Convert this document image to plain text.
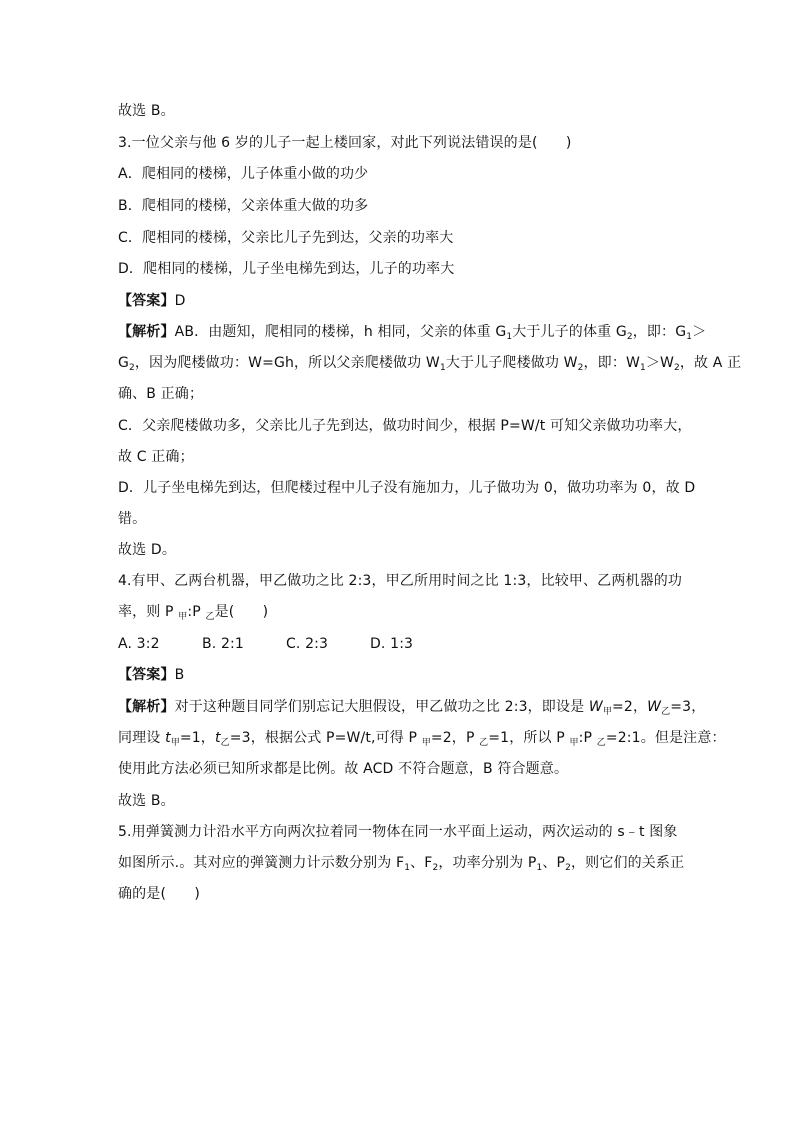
故选 B。
3.一位父亲与他 6 岁的儿子一起上楼回家，对此下列说法错误的是(　　)
A．爬相同的楼梯，儿子体重小做的功少
B．爬相同的楼梯，父亲体重大做的功多
C．爬相同的楼梯，父亲比儿子先到达，父亲的功率大
D．爬相同的楼梯，儿子坐电梯先到达，儿子的功率大
【答案】D
【解析】AB．由题知，爬相同的楼梯，h 相同，父亲的体重 $G_1$大于儿子的体重 $G_2$，即：$G_1>$
$G_2$，因为爬楼做功：W=Gh，所以父亲爬楼做功 $W_1$大于儿子爬楼做功 $W_2$，即：$W_1>W_2$，故 A 正
确、B 正确；
C．父亲爬楼做功多，父亲比儿子先到达，做功时间少，根据 P=W/t 可知父亲做功功率大，
故 C 正确；
D．儿子坐电梯先到达，但爬楼过程中儿子没有施加力，儿子做功为 0，做功功率为 0，故 D
错。
故选 D。
4.有甲、乙两台机器，甲乙做功之比 2:3，甲乙所用时间之比 1:3，比较甲、乙两机器的功
率，则 P $_甲$:P $_乙$是(　　)
A. 3:2	B. 2:1	C. 2:3	D. 1:3
【答案】B
【解析】对于这种题目同学们别忘记大胆假设，甲乙做功之比 2:3，即设是 $W_甲=2$，$W_乙=3$，
同理设 $t_甲=1$，$t_乙=3$，根据公式 P=W/t,可得 P $_甲$=2，P $_乙$=1，所以 P $_甲$:P $_乙$=2:1。但是注意：
使用此方法必须已知所求都是比例。故 ACD 不符合题意，B 符合题意。
故选 B。
5.用弹簧测力计沿水平方向两次拉着同一物体在同一水平面上运动，两次运动的 s﹣t 图象
如图所示.。其对应的弹簧测力计示数分别为 $F_1$、$F_2$，功率分别为 $P_1$、$P_2$，则它们的关系正
确的是(　　)
